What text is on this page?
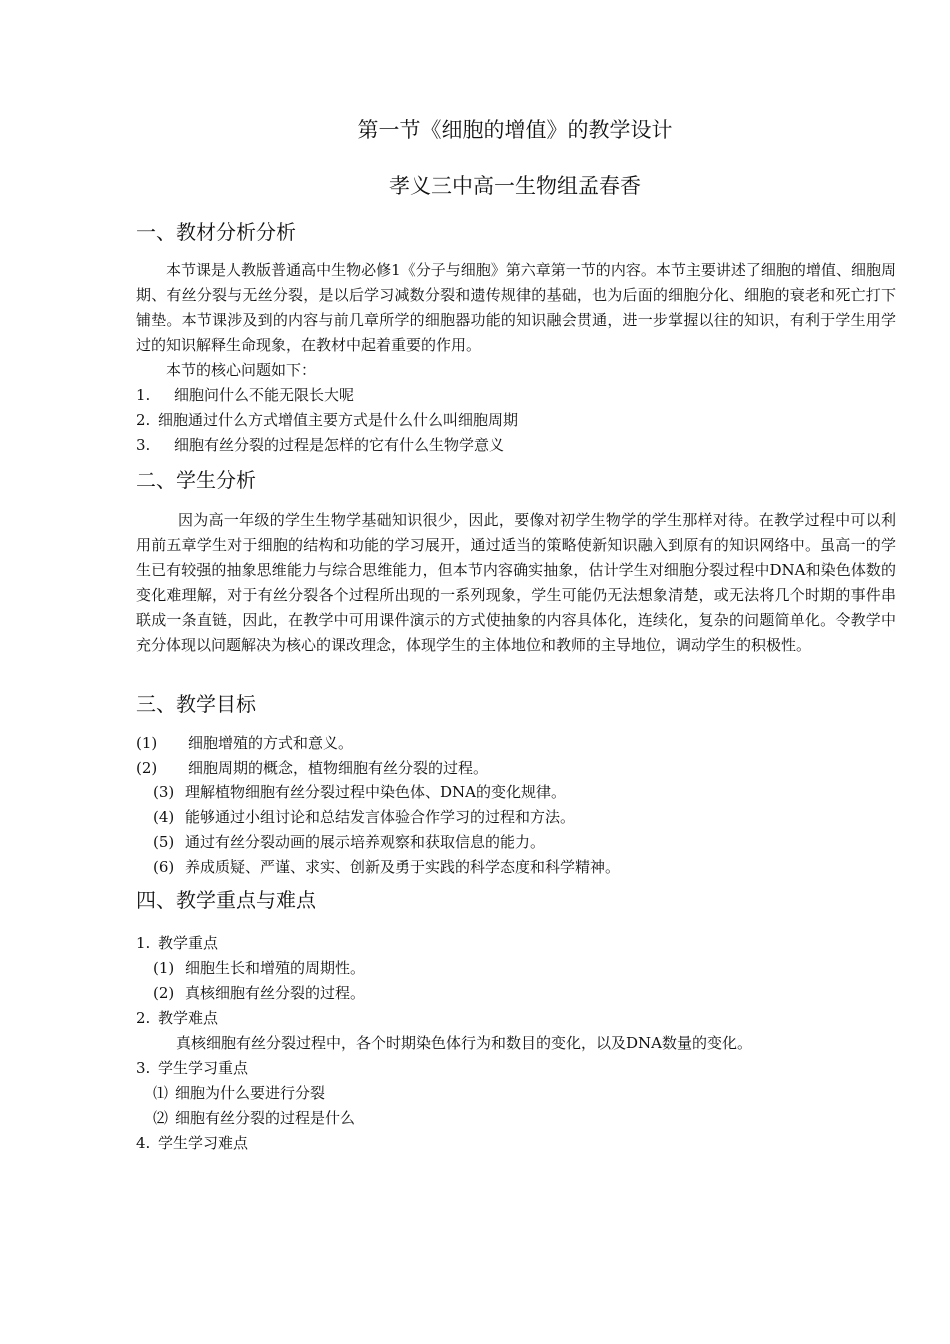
第一节《细胞的增值》的教学设计
孝义三中高一生物组孟春香
一、教材分析分析

本节课是人教版普通高中生物必修1《分子与细胞》第六章第一节的内容。本节主要讲述了细胞的增值、细胞周期、有丝分裂与无丝分裂，是以后学习减数分裂和遗传规律的基础，也为后面的细胞分化、细胞的衰老和死亡打下铺垫。本节课涉及到的内容与前几章所学的细胞器功能的知识融会贯通，进一步掌握以往的知识，有利于学生用学过的知识解释生命现象，在教材中起着重要的作用。

本节的核心问题如下：
1. 细胞问什么不能无限长大呢
2. 细胞通过什么方式增值主要方式是什么什么叫细胞周期
3. 细胞有丝分裂的过程是怎样的它有什么生物学意义
二、学生分析

因为高一年级的学生生物学基础知识很少，因此，要像对初学生物学的学生那样对待。在教学过程中可以利用前五章学生对于细胞的结构和功能的学习展开，通过适当的策略使新知识融入到原有的知识网络中。虽高一的学生已有较强的抽象思维能力与综合思维能力，但本节内容确实抽象，估计学生对细胞分裂过程中DNA和染色体数的变化难理解，对于有丝分裂各个过程所出现的一系列现象，学生可能仍无法想象清楚，或无法将几个时期的事件串联成一条直链，因此，在教学中可用课件演示的方式使抽象的内容具体化，连续化，复杂的问题简单化。令教学中充分体现以问题解决为核心的课改理念，体现学生的主体地位和教师的主导地位，调动学生的积极性。

三、教学目标
(1) 细胞增殖的方式和意义。
(2) 细胞周期的概念，植物细胞有丝分裂的过程。
(3) 理解植物细胞有丝分裂过程中染色体、DNA的变化规律。
(4) 能够通过小组讨论和总结发言体验合作学习的过程和方法。
(5) 通过有丝分裂动画的展示培养观察和获取信息的能力。
(6) 养成质疑、严谨、求实、创新及勇于实践的科学态度和科学精神。
四、教学重点与难点
1. 教学重点
(1) 细胞生长和增殖的周期性。
(2) 真核细胞有丝分裂的过程。
2. 教学难点
真核细胞有丝分裂过程中，各个时期染色体行为和数目的变化，以及DNA数量的变化。
3. 学生学习重点
⑴ 细胞为什么要进行分裂
⑵ 细胞有丝分裂的过程是什么
4. 学生学习难点
